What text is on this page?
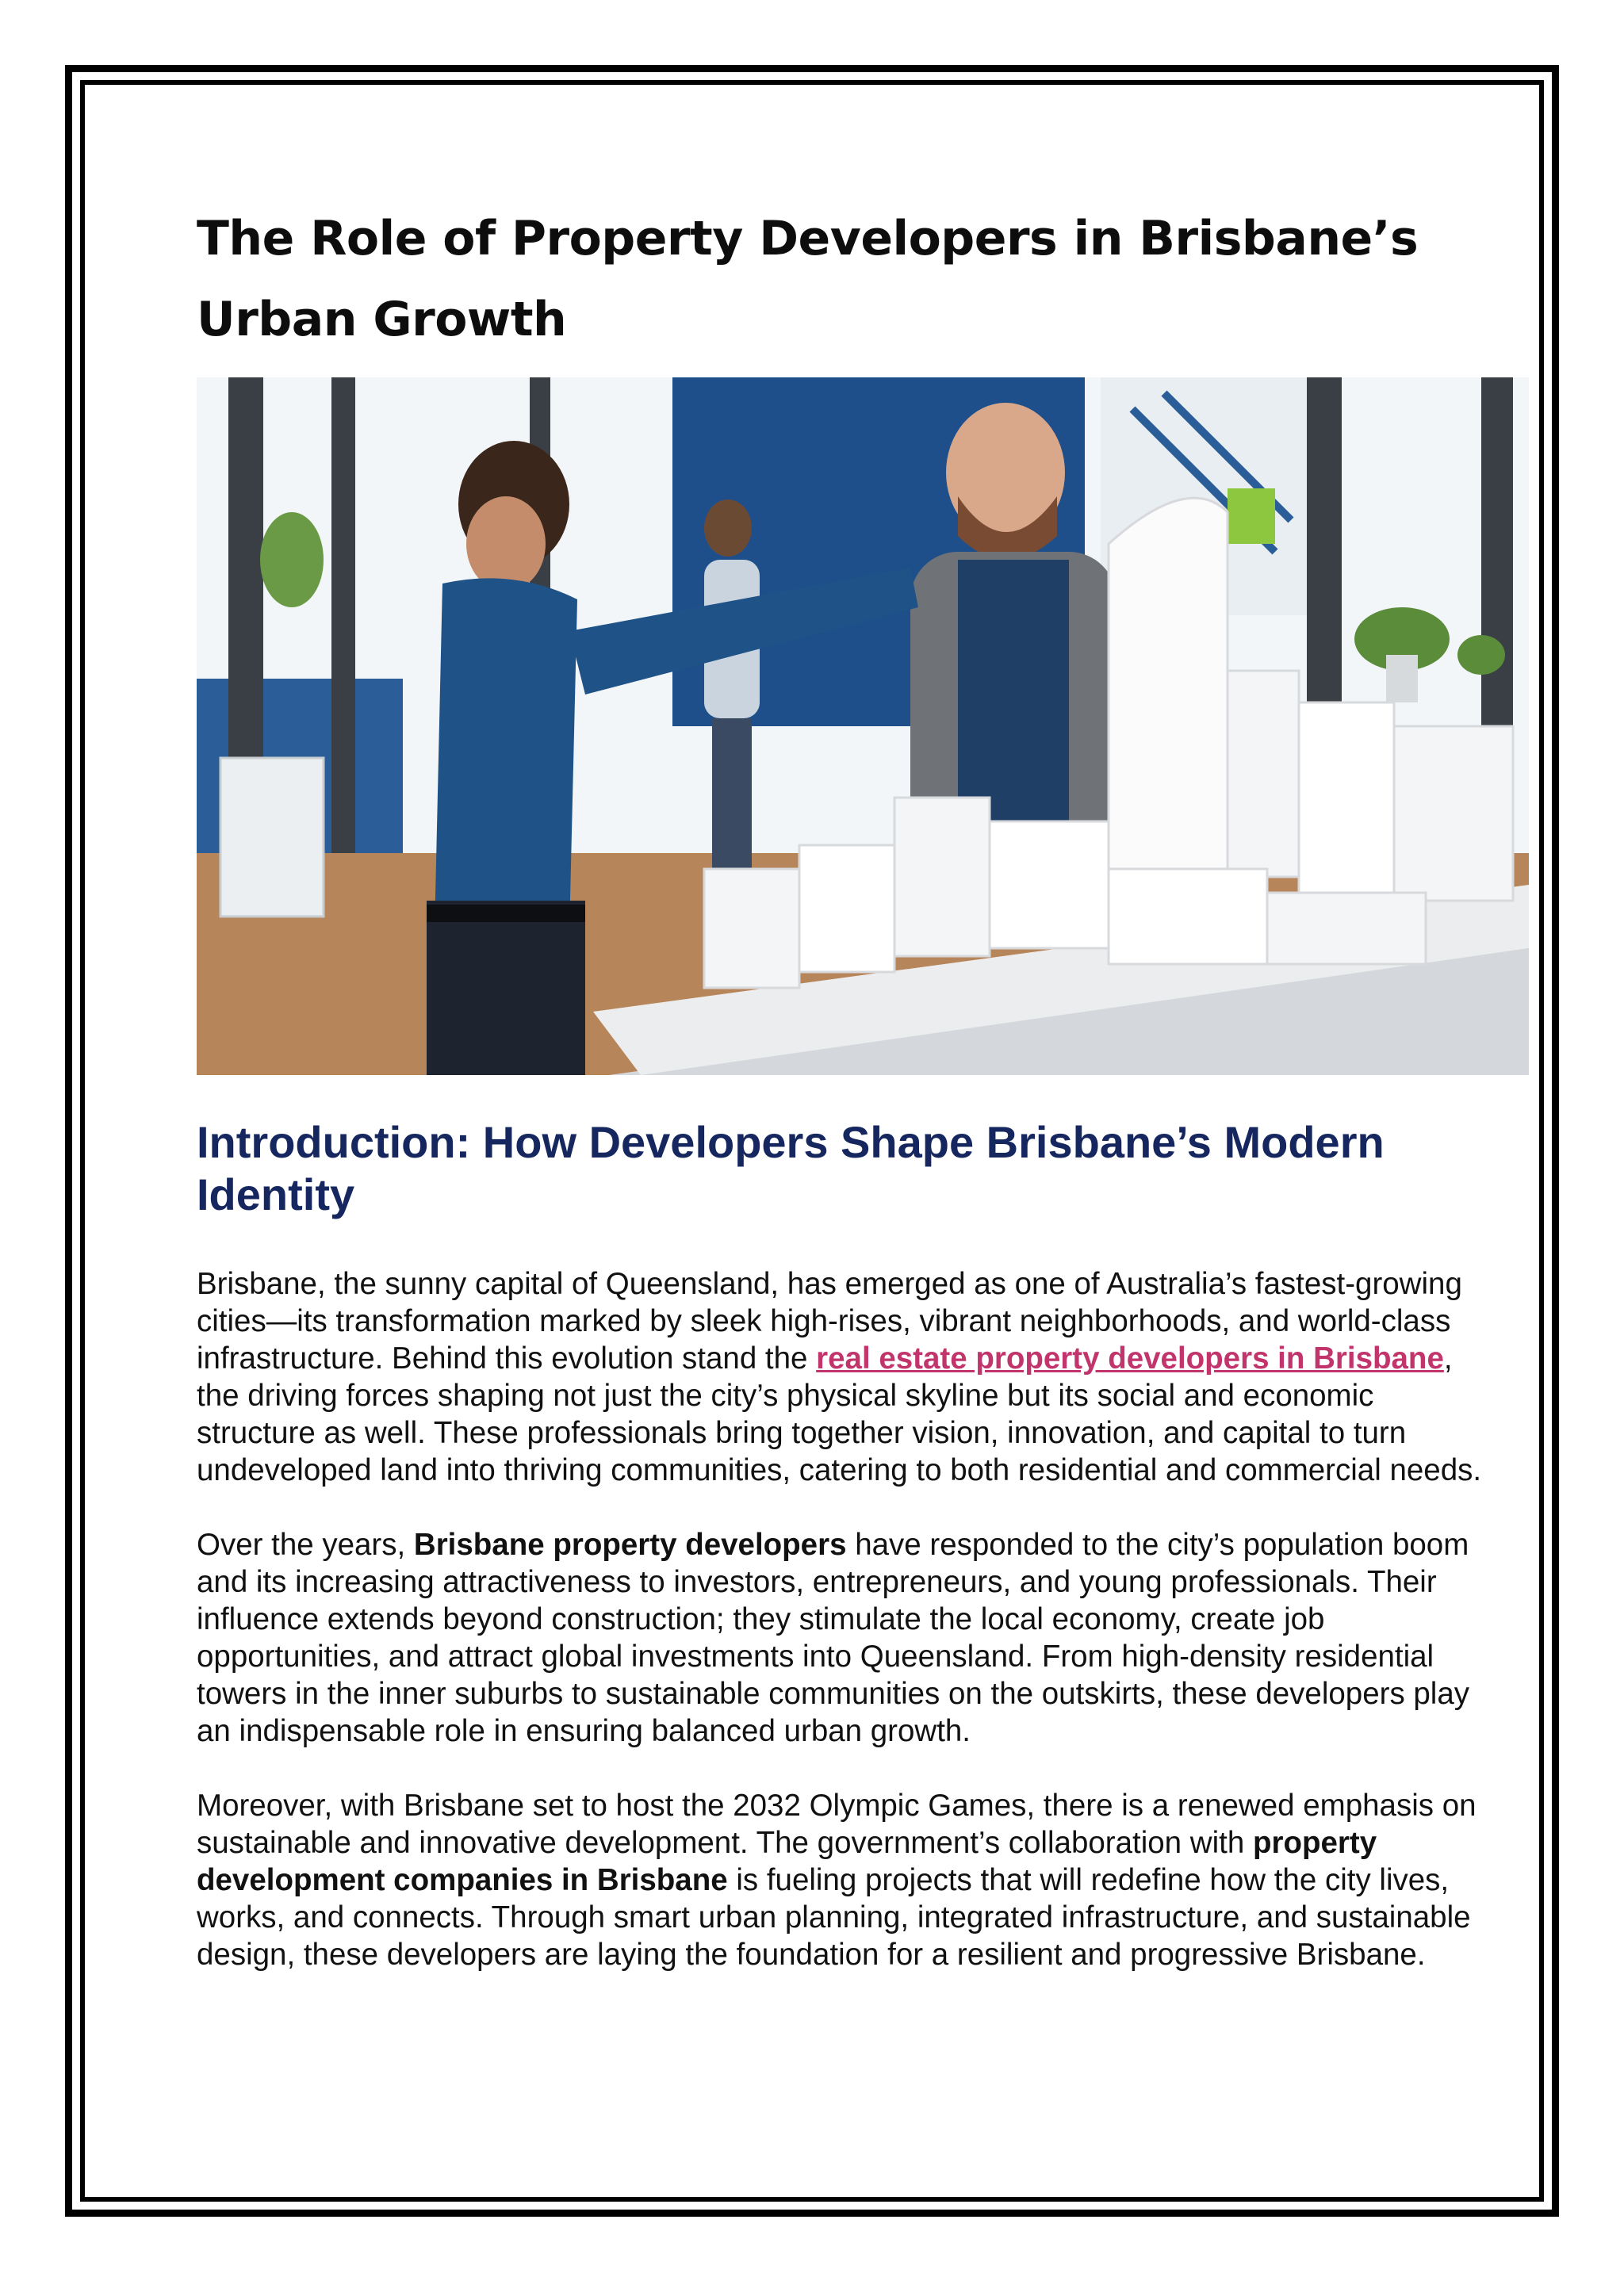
The Role of Property Developers in Brisbane’s Urban Growth
Introduction: How Developers Shape Brisbane’s Modern Identity

Brisbane, the sunny capital of Queensland, has emerged as one of Australia’s fastest-growing cities—its transformation marked by sleek high-rises, vibrant neighborhoods, and world-class infrastructure. Behind this evolution stand the real estate property developers in Brisbane, the driving forces shaping not just the city’s physical skyline but its social and economic structure as well. These professionals bring together vision, innovation, and capital to turn undeveloped land into thriving communities, catering to both residential and commercial needs.

Over the years, Brisbane property developers have responded to the city’s population boom and its increasing attractiveness to investors, entrepreneurs, and young professionals. Their influence extends beyond construction; they stimulate the local economy, create job opportunities, and attract global investments into Queensland. From high-density residential towers in the inner suburbs to sustainable communities on the outskirts, these developers play an indispensable role in ensuring balanced urban growth.

Moreover, with Brisbane set to host the 2032 Olympic Games, there is a renewed emphasis on sustainable and innovative development. The government’s collaboration with property development companies in Brisbane is fueling projects that will redefine how the city lives, works, and connects. Through smart urban planning, integrated infrastructure, and sustainable design, these developers are laying the foundation for a resilient and progressive Brisbane.
